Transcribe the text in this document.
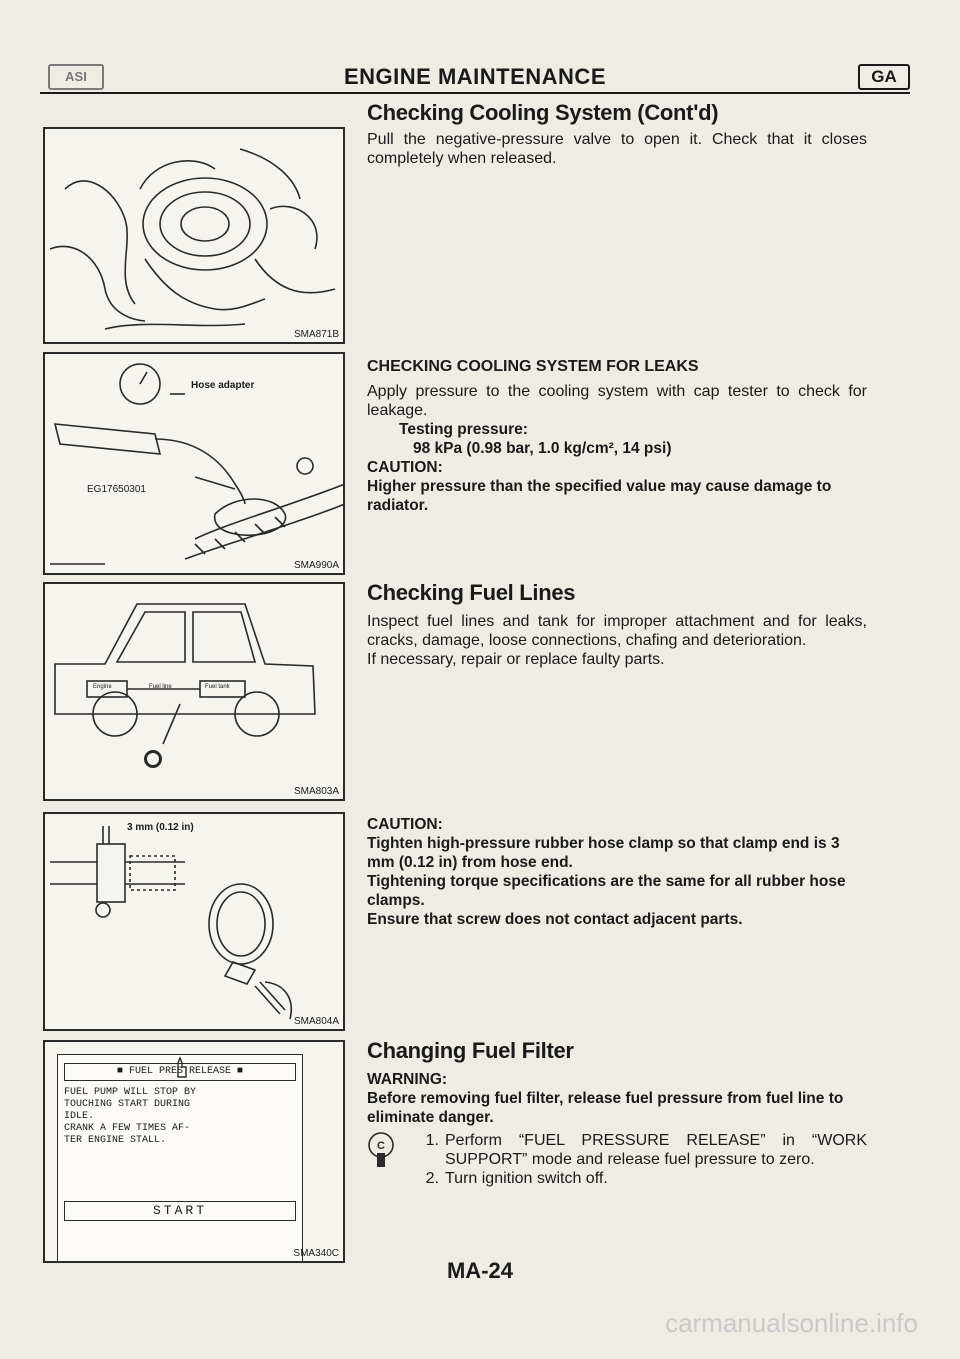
ASI	ENGINE MAINTENANCE	GA
SMA871B
Hose adapter
EG17650301
SMA990A
Engine	Fuel line	Fuel tank
SMA803A
3 mm (0.12 in)
SMA804A
■ FUEL PRES RELEASE ■
FUEL PUMP WILL STOP BY
TOUCHING START DURING
IDLE.
CRANK A FEW TIMES AF-
TER ENGINE STALL.
START
SMA340C
Checking Cooling System (Cont'd)
Pull the negative-pressure valve to open it. Check that it closes completely when released.
CHECKING COOLING SYSTEM FOR LEAKS
Apply pressure to the cooling system with cap tester to check for leakage.
Testing pressure:
98 kPa (0.98 bar, 1.0 kg/cm², 14 psi)
CAUTION:
Higher pressure than the specified value may cause damage to radiator.
Checking Fuel Lines
Inspect fuel lines and tank for improper attachment and for leaks, cracks, damage, loose connections, chafing and deterioration.
If necessary, repair or replace faulty parts.
CAUTION:
Tighten high-pressure rubber hose clamp so that clamp end is 3 mm (0.12 in) from hose end.
Tightening torque specifications are the same for all rubber hose clamps.
Ensure that screw does not contact adjacent parts.
Changing Fuel Filter
WARNING:
Before removing fuel filter, release fuel pressure from fuel line to eliminate danger.
C	1. Perform “FUEL PRESSURE RELEASE” in “WORK SUPPORT” mode and release fuel pressure to zero.
2. Turn ignition switch off.
MA-24
carmanualsonline.info
